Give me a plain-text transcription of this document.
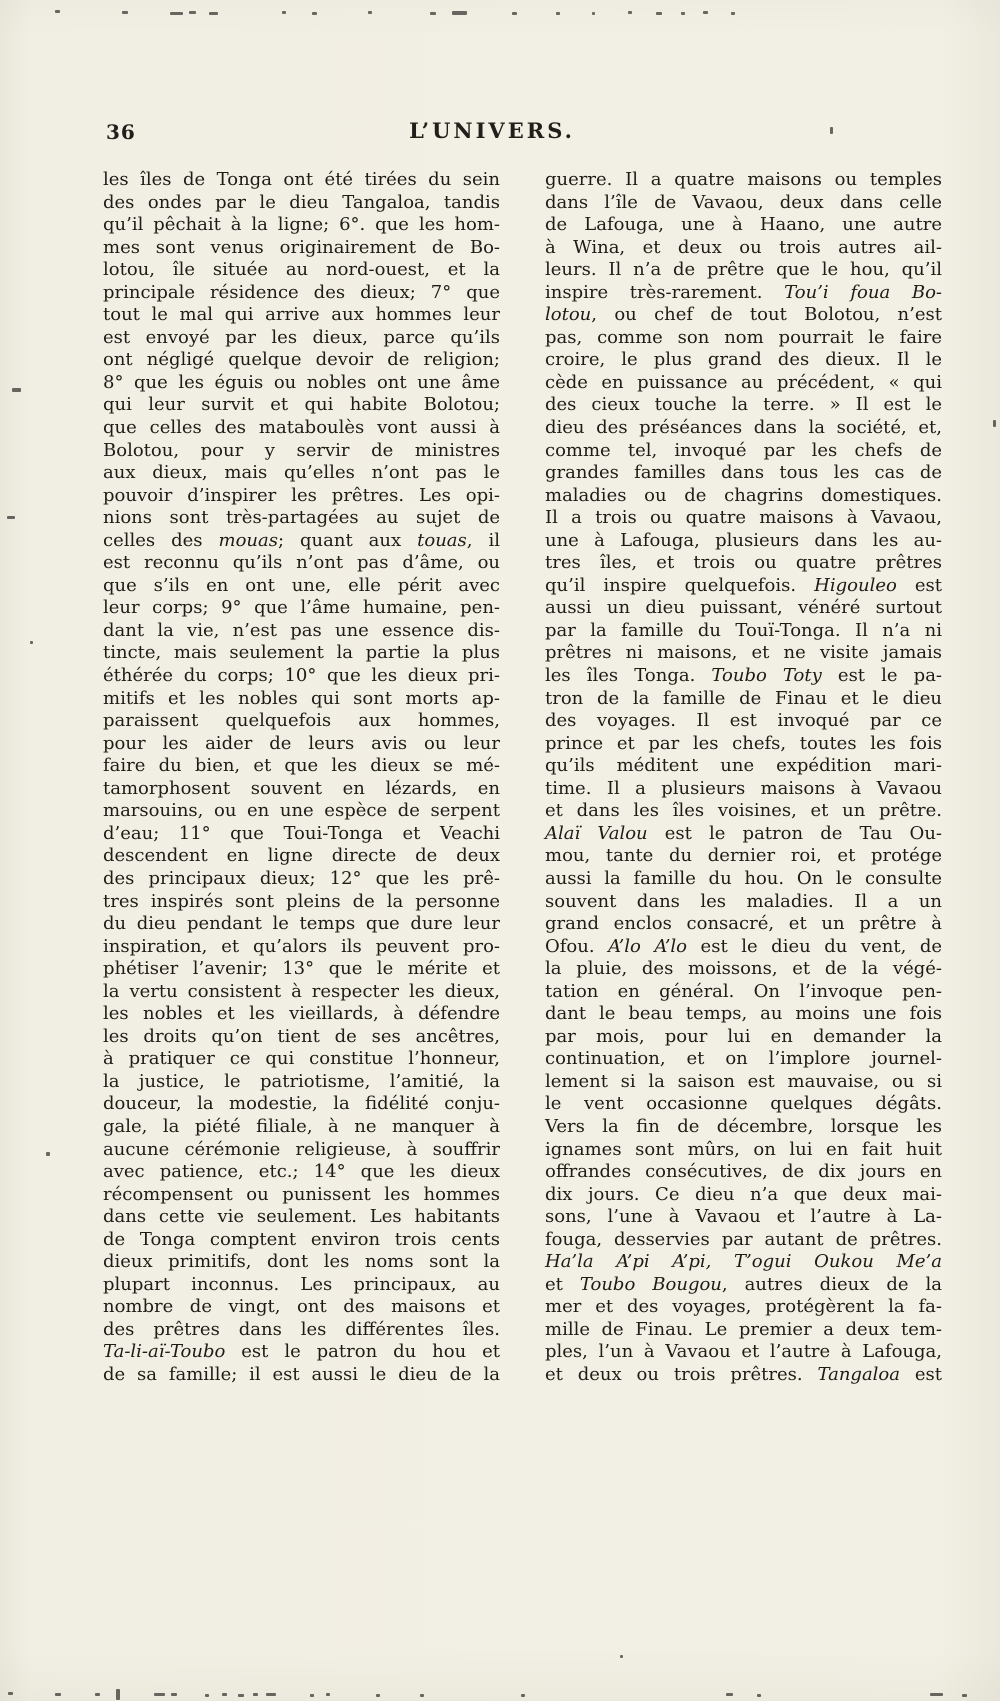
36	L’UNIVERS.
les îles de Tonga ont été tirées du sein
des ondes par le dieu Tangaloa, tandis
qu’il pêchait à la ligne; 6°. que les hom-
mes sont venus originairement de Bo-
lotou, île située au nord-ouest, et la
principale résidence des dieux; 7° que
tout le mal qui arrive aux hommes leur
est envoyé par les dieux, parce qu’ils
ont négligé quelque devoir de religion;
8° que les éguis ou nobles ont une âme
qui leur survit et qui habite Bolotou;
que celles des mataboulès vont aussi à
Bolotou, pour y servir de ministres
aux dieux, mais qu’elles n’ont pas le
pouvoir d’inspirer les prêtres. Les opi-
nions sont très-partagées au sujet de
celles des mouas; quant aux touas, il
est reconnu qu’ils n’ont pas d’âme, ou
que s’ils en ont une, elle périt avec
leur corps; 9° que l’âme humaine, pen-
dant la vie, n’est pas une essence dis-
tincte, mais seulement la partie la plus
éthérée du corps; 10° que les dieux pri-
mitifs et les nobles qui sont morts ap-
paraissent quelquefois aux hommes,
pour les aider de leurs avis ou leur
faire du bien, et que les dieux se mé-
tamorphosent souvent en lézards, en
marsouins, ou en une espèce de serpent
d’eau; 11° que Toui-Tonga et Veachi
descendent en ligne directe de deux
des principaux dieux; 12° que les prê-
tres inspirés sont pleins de la personne
du dieu pendant le temps que dure leur
inspiration, et qu’alors ils peuvent pro-
phétiser l’avenir; 13° que le mérite et
la vertu consistent à respecter les dieux,
les nobles et les vieillards, à défendre
les droits qu’on tient de ses ancêtres,
à pratiquer ce qui constitue l’honneur,
la justice, le patriotisme, l’amitié, la
douceur, la modestie, la fidélité conju-
gale, la piété filiale, à ne manquer à
aucune cérémonie religieuse, à souffrir
avec patience, etc.; 14° que les dieux
récompensent ou punissent les hommes
dans cette vie seulement. Les habitants
de Tonga comptent environ trois cents
dieux primitifs, dont les noms sont la
plupart inconnus. Les principaux, au
nombre de vingt, ont des maisons et
des prêtres dans les différentes îles.
Ta-li-aï-Toubo est le patron du hou et
de sa famille; il est aussi le dieu de la
guerre. Il a quatre maisons ou temples
dans l’île de Vavaou, deux dans celle
de Lafouga, une à Haano, une autre
à Wina, et deux ou trois autres ail-
leurs. Il n’a de prêtre que le hou, qu’il
inspire très-rarement. Tou’i foua Bo-
lotou, ou chef de tout Bolotou, n’est
pas, comme son nom pourrait le faire
croire, le plus grand des dieux. Il le
cède en puissance au précédent, « qui
des cieux touche la terre. » Il est le
dieu des préséances dans la société, et,
comme tel, invoqué par les chefs de
grandes familles dans tous les cas de
maladies ou de chagrins domestiques.
Il a trois ou quatre maisons à Vavaou,
une à Lafouga, plusieurs dans les au-
tres îles, et trois ou quatre prêtres
qu’il inspire quelquefois. Higouleo est
aussi un dieu puissant, vénéré surtout
par la famille du Touï-Tonga. Il n’a ni
prêtres ni maisons, et ne visite jamais
les îles Tonga. Toubo Toty est le pa-
tron de la famille de Finau et le dieu
des voyages. Il est invoqué par ce
prince et par les chefs, toutes les fois
qu’ils méditent une expédition mari-
time. Il a plusieurs maisons à Vavaou
et dans les îles voisines, et un prêtre.
Alaï Valou est le patron de Tau Ou-
mou, tante du dernier roi, et protége
aussi la famille du hou. On le consulte
souvent dans les maladies. Il a un
grand enclos consacré, et un prêtre à
Ofou. A’lo A’lo est le dieu du vent, de
la pluie, des moissons, et de la végé-
tation en général. On l’invoque pen-
dant le beau temps, au moins une fois
par mois, pour lui en demander la
continuation, et on l’implore journel-
lement si la saison est mauvaise, ou si
le vent occasionne quelques dégâts.
Vers la fin de décembre, lorsque les
ignames sont mûrs, on lui en fait huit
offrandes consécutives, de dix jours en
dix jours. Ce dieu n’a que deux mai-
sons, l’une à Vavaou et l’autre à La-
fouga, desservies par autant de prêtres.
Ha’la A’pi A’pi, T’ogui Oukou Me’a
et Toubo Bougou, autres dieux de la
mer et des voyages, protégèrent la fa-
mille de Finau. Le premier a deux tem-
ples, l’un à Vavaou et l’autre à Lafouga,
et deux ou trois prêtres. Tangaloa est
